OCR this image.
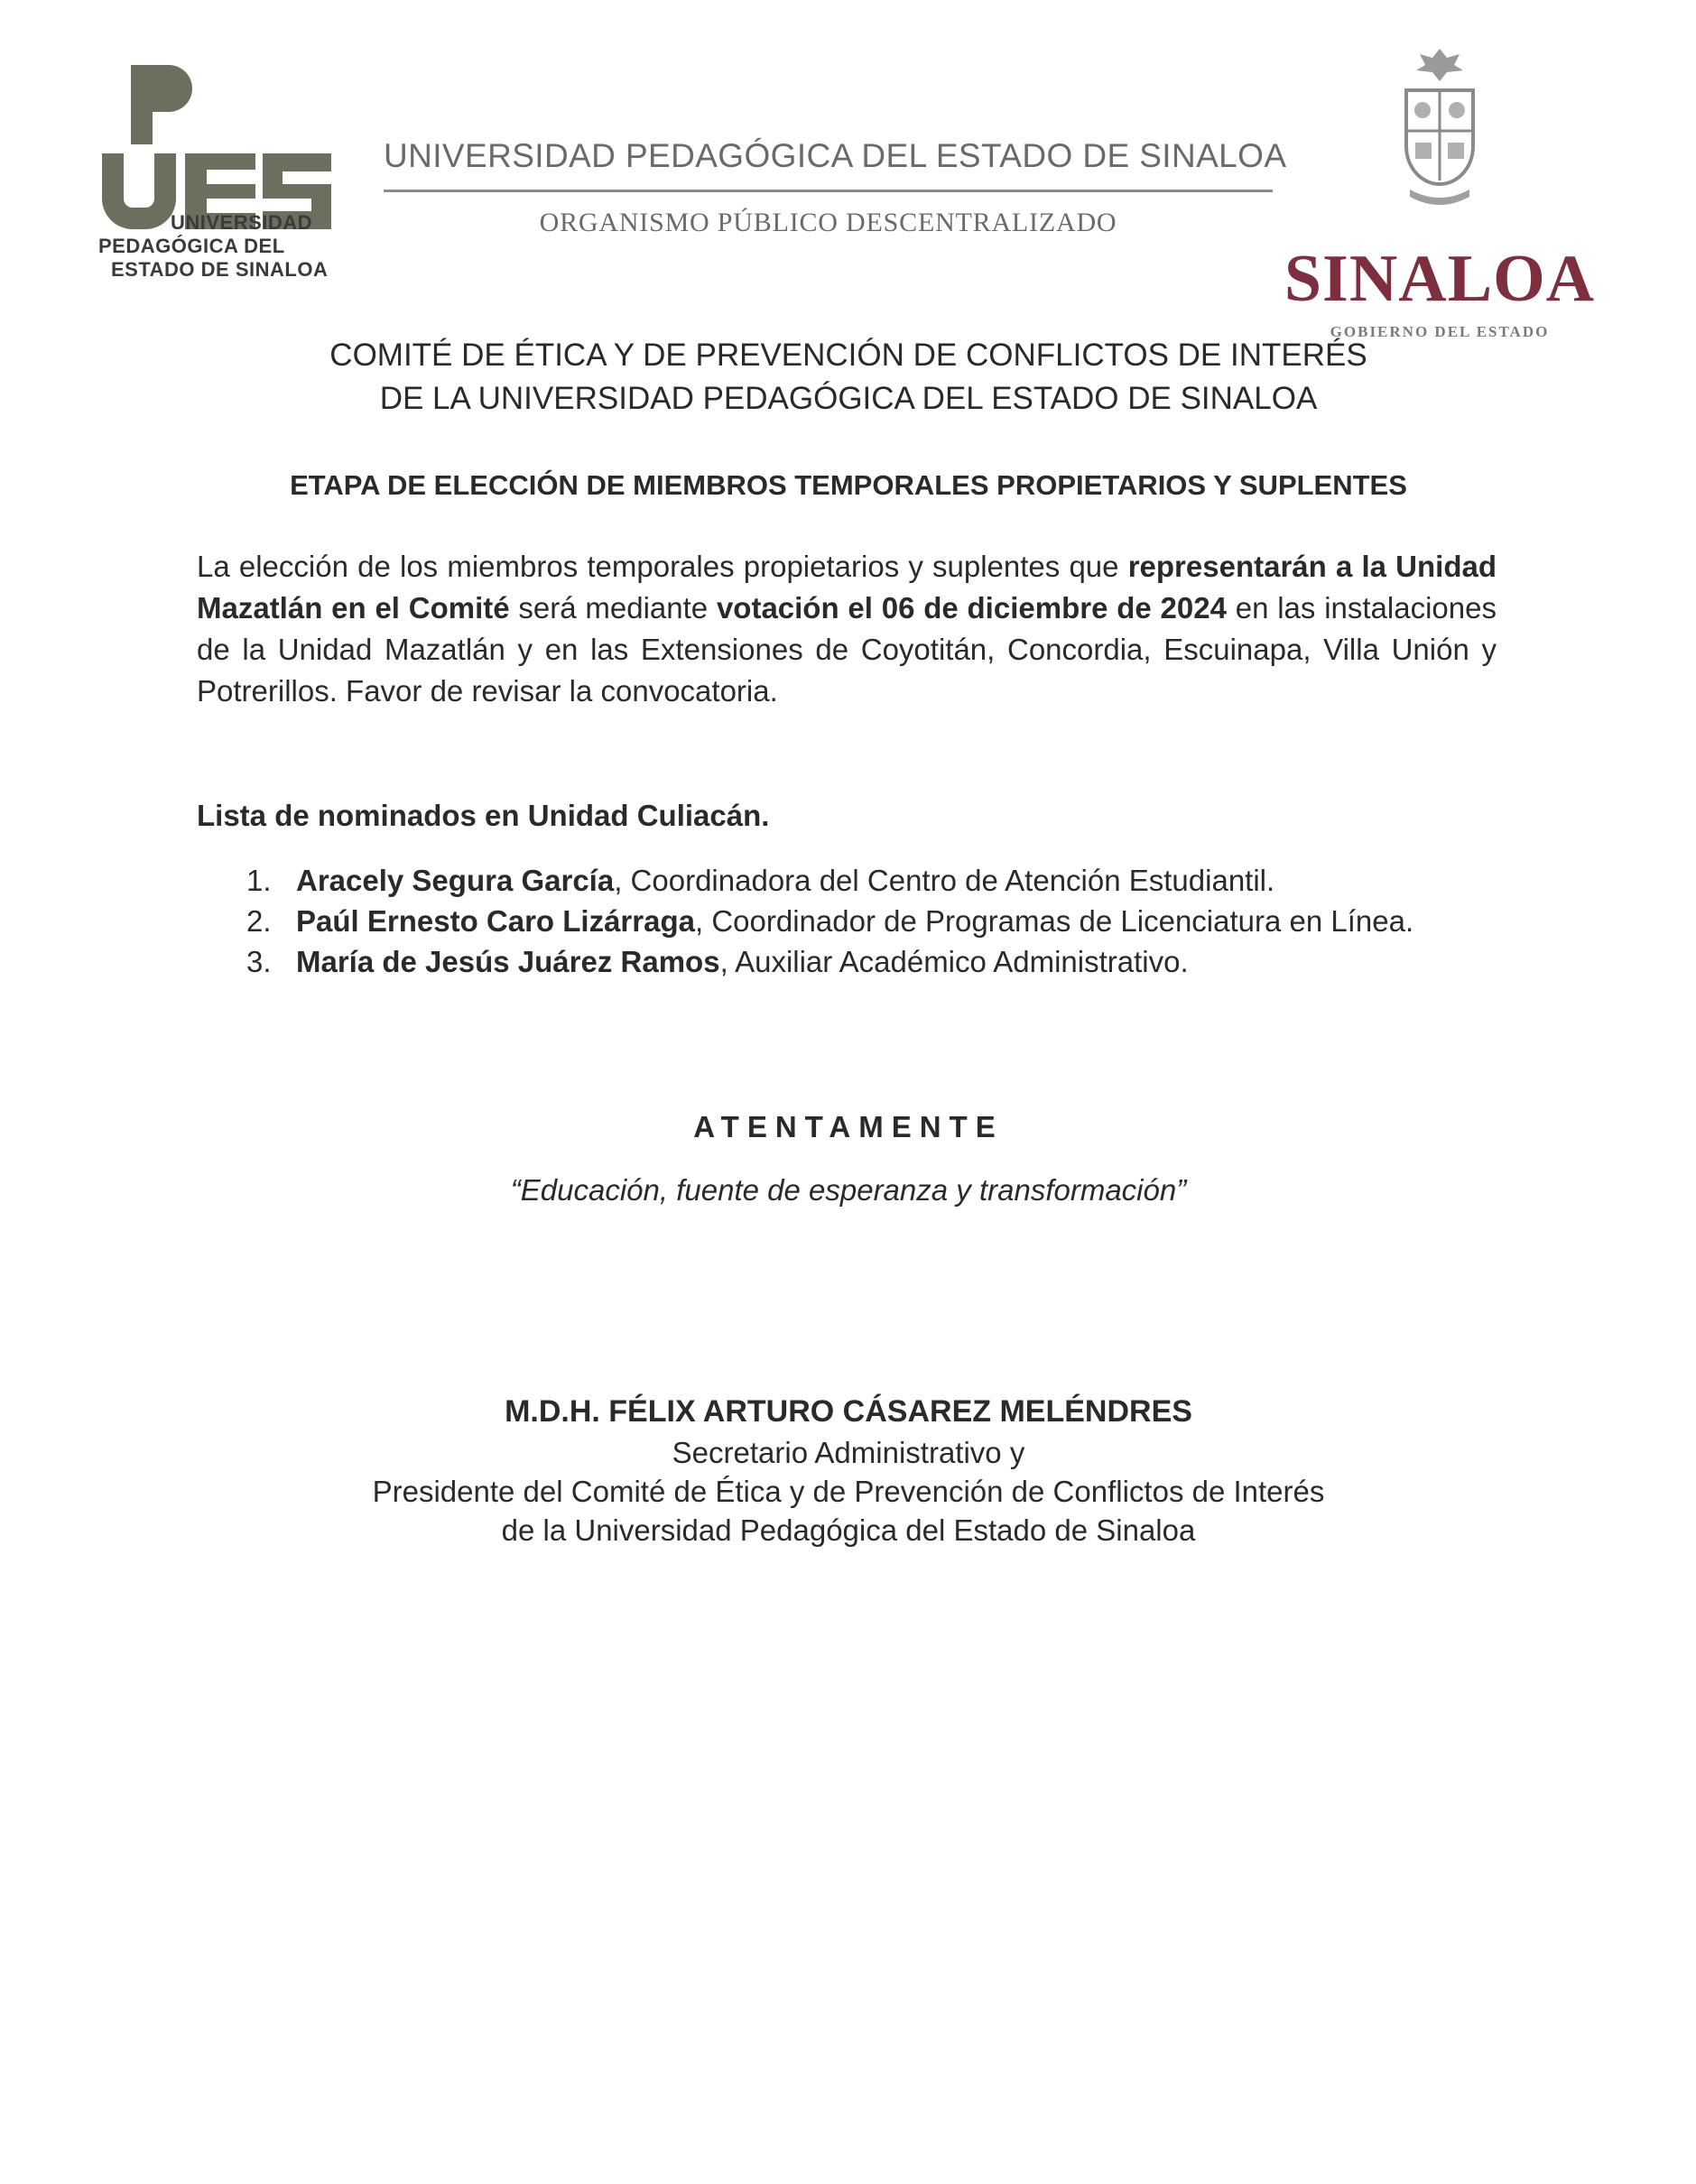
UNIVERSIDAD
PEDAGÓGICA DEL
ESTADO DE SINALOA
UNIVERSIDAD PEDAGÓGICA DEL ESTADO DE SINALOA
ORGANISMO PÚBLICO DESCENTRALIZADO
SINALOA
GOBIERNO DEL ESTADO
COMITÉ DE ÉTICA Y DE PREVENCIÓN DE CONFLICTOS DE INTERÉS
DE LA UNIVERSIDAD PEDAGÓGICA DEL ESTADO DE SINALOA
ETAPA DE ELECCIÓN DE MIEMBROS TEMPORALES PROPIETARIOS Y SUPLENTES
La elección de los miembros temporales propietarios y suplentes que representarán a la Unidad Mazatlán en el Comité será mediante votación el 06 de diciembre de 2024 en las instalaciones de la Unidad Mazatlán y en las Extensiones de Coyotitán, Concordia, Escuinapa, Villa Unión y Potrerillos. Favor de revisar la convocatoria.
Lista de nominados en Unidad Culiacán.
1. Aracely Segura García, Coordinadora del Centro de Atención Estudiantil.
2. Paúl Ernesto Caro Lizárraga, Coordinador de Programas de Licenciatura en Línea.
3. María de Jesús Juárez Ramos, Auxiliar Académico Administrativo.
ATENTAMENTE
“Educación, fuente de esperanza y transformación”
M.D.H. FÉLIX ARTURO CÁSAREZ MELÉNDRES
Secretario Administrativo y
Presidente del Comité de Ética y de Prevención de Conflictos de Interés
de la Universidad Pedagógica del Estado de Sinaloa
